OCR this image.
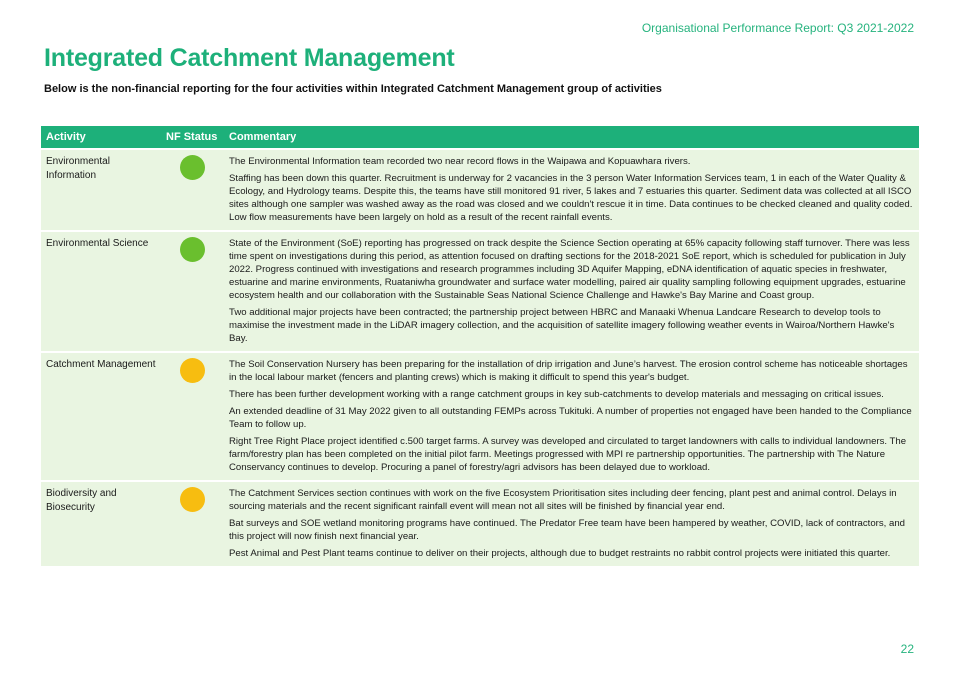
Organisational Performance Report: Q3 2021-2022
Integrated Catchment Management
Below is the non-financial reporting for the four activities within Integrated Catchment Management group of activities
Activity	NF Status	Commentary
Environmental Information		The Environmental Information team recorded two near record flows in the Waipawa and Kopuawhara rivers.

Staffing has been down this quarter. Recruitment is underway for 2 vacancies in the 3 person Water Information Services team, 1 in each of the Water Quality & Ecology, and Hydrology teams. Despite this, the teams have still monitored 91 river, 5 lakes and 7 estuaries this quarter. Sediment data was collected at all ISCO sites although one sampler was washed away as the road was closed and we couldn't rescue it in time. Data continues to be checked cleaned and quality coded. Low flow measurements have been largely on hold as a result of the recent rainfall events.

Environmental Science		State of the Environment (SoE) reporting has progressed on track despite the Science Section operating at 65% capacity following staff turnover. There was less time spent on investigations during this period, as attention focused on drafting sections for the 2018-2021 SoE report, which is scheduled for publication in July 2022. Progress continued with investigations and research programmes including 3D Aquifer Mapping, eDNA identification of aquatic species in freshwater, estuarine and marine environments, Ruataniwha groundwater and surface water modelling, paired air quality sampling following equipment upgrades, estuarine ecosystem health and our collaboration with the Sustainable Seas National Science Challenge and Hawke's Bay Marine and Coast group.

Two additional major projects have been contracted; the partnership project between HBRC and Manaaki Whenua Landcare Research to develop tools to maximise the investment made in the LiDAR imagery collection, and the acquisition of satellite imagery following weather events in Wairoa/Northern Hawke's Bay.

Catchment Management		The Soil Conservation Nursery has been preparing for the installation of drip irrigation and June’s harvest. The erosion control scheme has noticeable shortages in the local labour market (fencers and planting crews) which is making it difficult to spend this year's budget.

There has been further development working with a range catchment groups in key sub-catchments to develop materials and messaging on critical issues.

An extended deadline of 31 May 2022 given to all outstanding FEMPs across Tukituki. A number of properties not engaged have been handed to the Compliance Team to follow up.

Right Tree Right Place project identified c.500 target farms. A survey was developed and circulated to target landowners with calls to individual landowners. The farm/forestry plan has been completed on the initial pilot farm. Meetings progressed with MPI re partnership opportunities. The partnership with The Nature Conservancy continues to develop. Procuring a panel of forestry/agri advisors has been delayed due to workload.

Biodiversity and Biosecurity		The Catchment Services section continues with work on the five Ecosystem Prioritisation sites including deer fencing, plant pest and animal control. Delays in sourcing materials and the recent significant rainfall event will mean not all sites will be finished by financial year end.

Bat surveys and SOE wetland monitoring programs have continued. The Predator Free team have been hampered by weather, COVID, lack of contractors, and this project will now finish next financial year.

Pest Animal and Pest Plant teams continue to deliver on their projects, although due to budget restraints no rabbit control projects were initiated this quarter.

22
